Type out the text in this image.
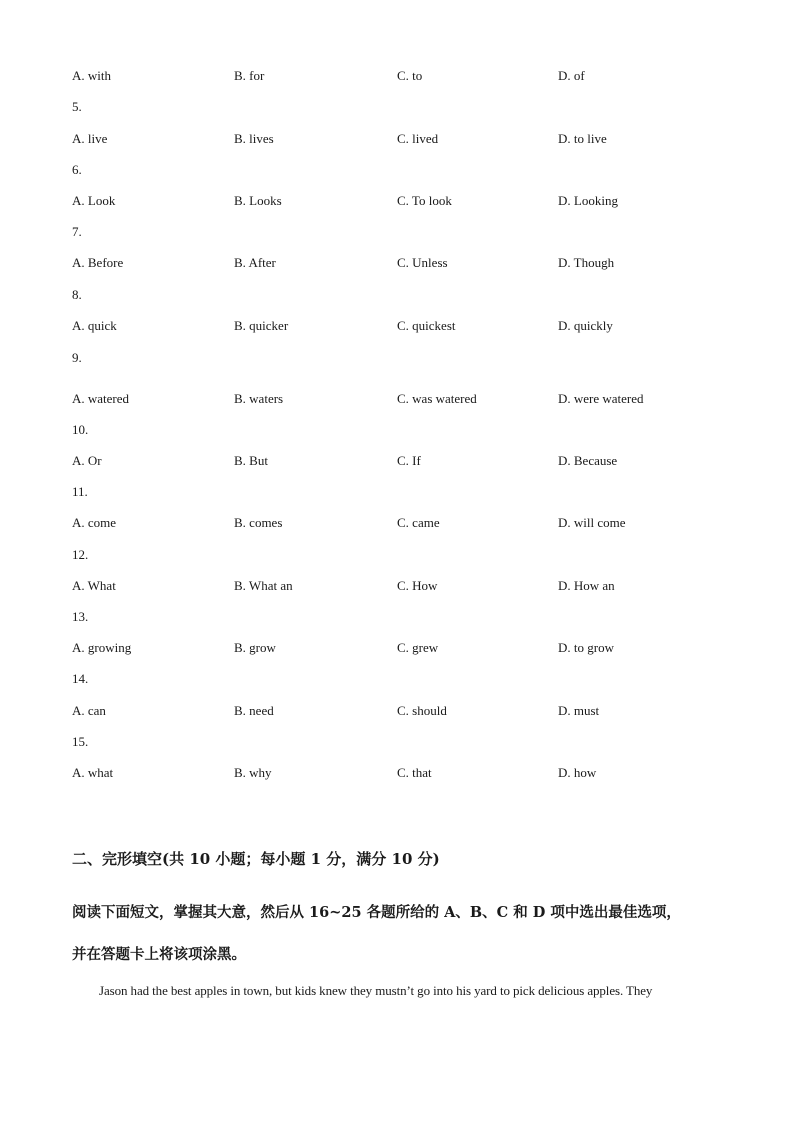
A. with	B. for	C. to	D. of
5.
A. live	B. lives	C. lived	D. to live
6.
A. Look	B. Looks	C. To look	D. Looking
7.
A. Before	B. After	C. Unless	D. Though
8.
A. quick	B. quicker	C. quickest	D. quickly
9.
A. watered	B. waters	C. was watered	D. were watered
10.
A. Or	B. But	C. If	D. Because
11.
A. come	B. comes	C. came	D. will come
12.
A. What	B. What an	C. How	D. How an
13.
A. growing	B. grow	C. grew	D. to grow
14.
A. can	B. need	C. should	D. must
15.
A. what	B. why	C. that	D. how
二、完形填空(共 10 小题；每小题 1 分，满分 10 分)
阅读下面短文，掌握其大意，然后从 16~25 各题所给的 A、B、C 和 D 项中选出最佳选项，
并在答题卡上将该项涂黑。
Jason had the best apples in town, but kids knew they mustn’t go into his yard to pick delicious apples. They
